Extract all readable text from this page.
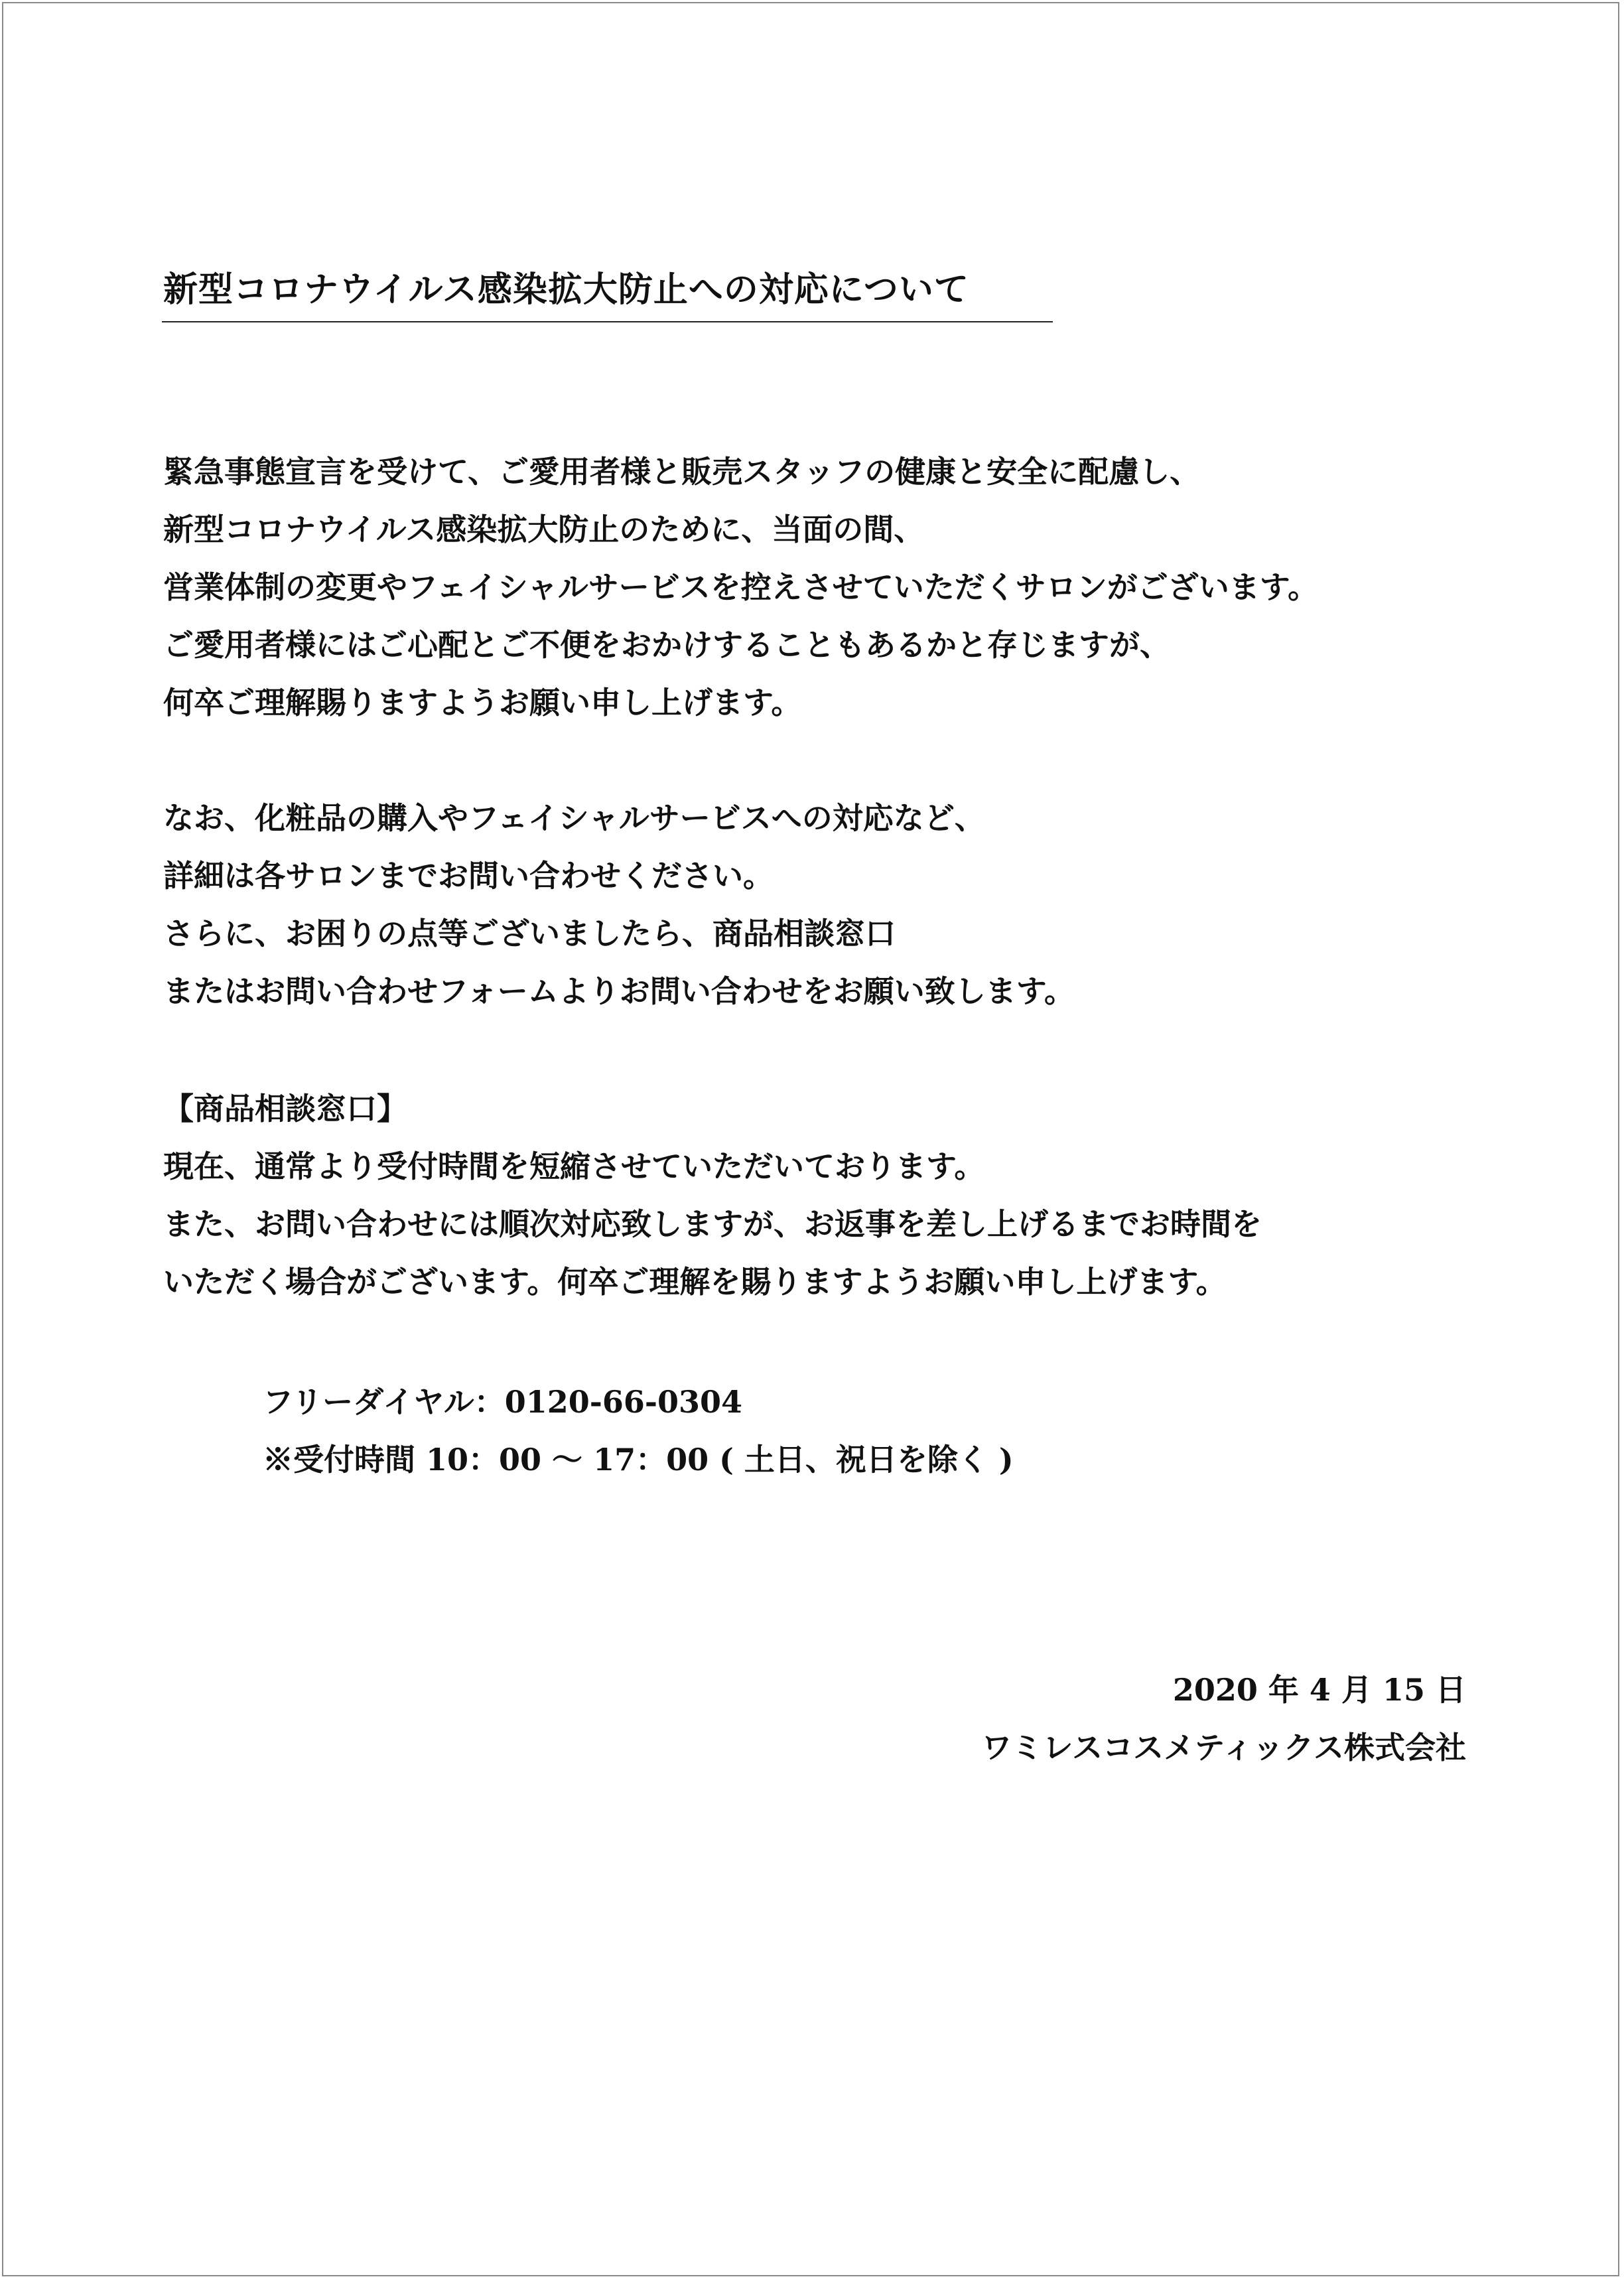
新型コロナウイルス感染拡大防止への対応について
緊急事態宣言を受けて、ご愛用者様と販売スタッフの健康と安全に配慮し、
新型コロナウイルス感染拡大防止のために、当面の間、
営業体制の変更やフェイシャルサービスを控えさせていただくサロンがございます。
ご愛用者様にはご心配とご不便をおかけすることもあるかと存じますが、
何卒ご理解賜りますようお願い申し上げます。
なお、化粧品の購入やフェイシャルサービスへの対応など、
詳細は各サロンまでお問い合わせください。
さらに、お困りの点等ございましたら、商品相談窓口
またはお問い合わせフォームよりお問い合わせをお願い致します。
【商品相談窓口】
現在、通常より受付時間を短縮させていただいております。
また、お問い合わせには順次対応致しますが、お返事を差し上げるまでお時間を
いただく場合がございます。何卒ご理解を賜りますようお願い申し上げます。
フリーダイヤル：0120-66-0304
※受付時間 10：00 ～ 17：00 ( 土日、祝日を除く )
2020 年 4 月 15 日
ワミレスコスメティックス株式会社
